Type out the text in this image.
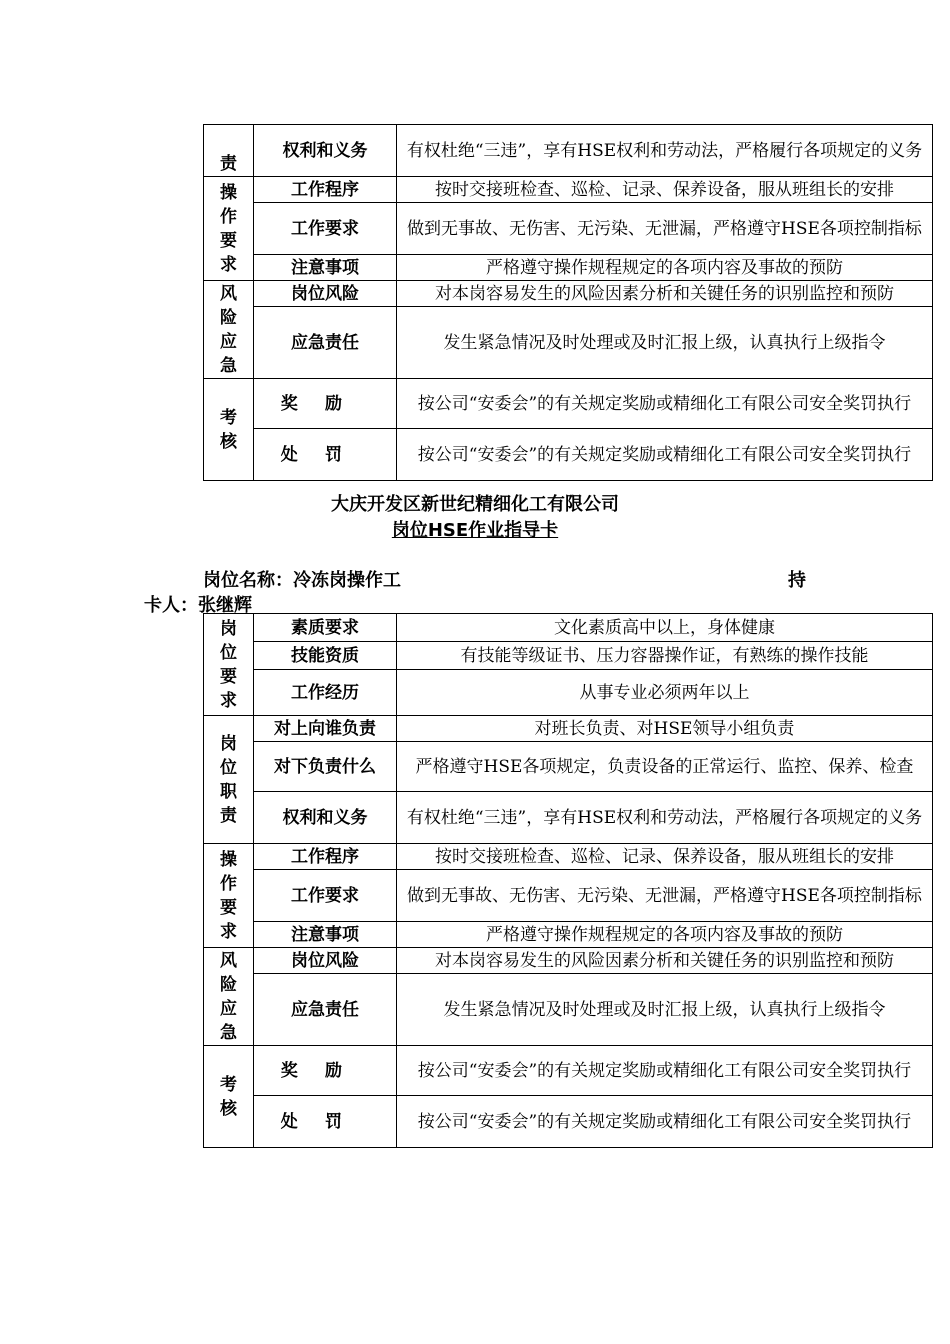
责	权利和义务	有权杜绝“三违”，享有HSE权利和劳动法，严格履行各项规定的义务

操作要求	工作程序	按时交接班检查、巡检、记录、保养设备，服从班组长的安排
	工作要求	做到无事故、无伤害、无污染、无泄漏，严格遵守HSE各项控制指标
	注意事项	严格遵守操作规程规定的各项内容及事故的预防

风险应急	岗位风险	对本岗容易发生的风险因素分析和关键任务的识别监控和预防
	应急责任	发生紧急情况及时处理或及时汇报上级，认真执行上级指令

考核	奖励	按公司“安委会”的有关规定奖励或精细化工有限公司安全奖罚执行
	处罚	按公司“安委会”的有关规定奖励或精细化工有限公司安全奖罚执行
大庆开发区新世纪精细化工有限公司
岗位HSE作业指导卡
岗位名称：冷冻岗操作工	持
卡人：张继辉
岗位要求	素质要求	文化素质高中以上，身体健康
	技能资质	有技能等级证书、压力容器操作证，有熟练的操作技能
	工作经历	从事专业必须两年以上

岗位职责	对上向谁负责	对班长负责、对HSE领导小组负责
	对下负责什么	严格遵守HSE各项规定，负责设备的正常运行、监控、保养、检查
	权利和义务	有权杜绝“三违”，享有HSE权利和劳动法，严格履行各项规定的义务

操作要求	工作程序	按时交接班检查、巡检、记录、保养设备，服从班组长的安排
	工作要求	做到无事故、无伤害、无污染、无泄漏，严格遵守HSE各项控制指标
	注意事项	严格遵守操作规程规定的各项内容及事故的预防

风险应急	岗位风险	对本岗容易发生的风险因素分析和关键任务的识别监控和预防
	应急责任	发生紧急情况及时处理或及时汇报上级，认真执行上级指令

考核	奖励	按公司“安委会”的有关规定奖励或精细化工有限公司安全奖罚执行
	处罚	按公司“安委会”的有关规定奖励或精细化工有限公司安全奖罚执行
